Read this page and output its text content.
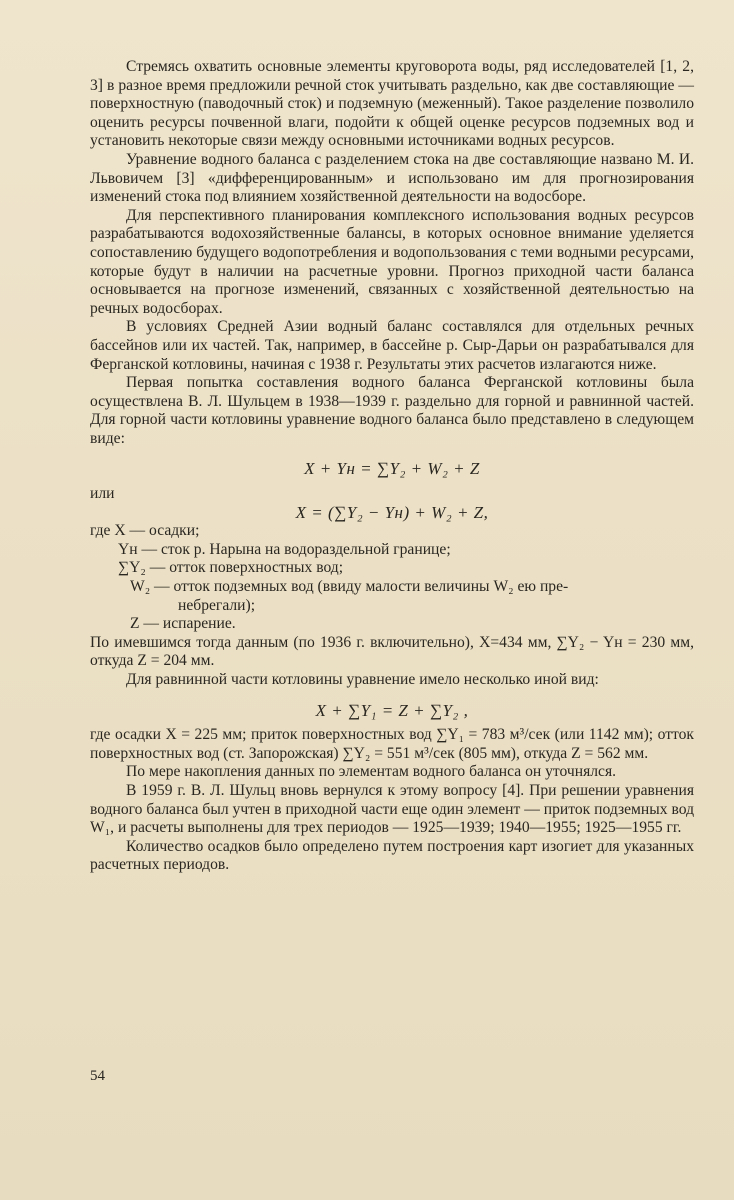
Стремясь охватить основные элементы круговорота воды, ряд исследователей [1, 2, 3] в разное время предложили речной сток учитывать раздельно, как две составляющие — поверхностную (паводочный сток) и подземную (меженный). Такое разделение позволило оценить ресурсы почвенной влаги, подойти к общей оценке ресурсов подземных вод и установить некоторые связи между основными источниками водных ресурсов.

Уравнение водного баланса с разделением стока на две составляющие названо М. И. Львовичем [3] «дифференцированным» и использовано им для прогнозирования изменений стока под влиянием хозяйственной деятельности на водосборе.

Для перспективного планирования комплексного использования водных ресурсов разрабатываются водохозяйственные балансы, в которых основное внимание уделяется сопоставлению будущего водопотребления и водопользования с теми водными ресурсами, которые будут в наличии на расчетные уровни. Прогноз приходной части баланса основывается на прогнозе изменений, связанных с хозяйственной деятельностью на речных водосборах.

В условиях Средней Азии водный баланс составлялся для отдельных речных бассейнов или их частей. Так, например, в бассейне р. Сыр-Дарьи он разрабатывался для Ферганской котловины, начиная с 1938 г. Результаты этих расчетов излагаются ниже.

Первая попытка составления водного баланса Ферганской котловины была осуществлена В. Л. Шульцем в 1938—1939 г. раздельно для горной и равнинной частей. Для горной части котловины уравнение водного баланса было представлено в следующем виде:

X + Yн = ∑Y₂ + W₂ + Z

или

X = (∑Y₂ − Yн) + W₂ + Z,

где X — осадки;

Yн — сток р. Нарына на водораздельной границе;

∑Y₂ — отток поверхностных вод;

W₂ — отток подземных вод (ввиду малости величины W₂ ею пре-

небрегали);

Z — испарение.

По имевшимся тогда данным (по 1936 г. включительно), X=434 мм, ∑Y₂ − Yн = 230 мм, откуда Z = 204 мм.

Для равнинной части котловины уравнение имело несколько иной вид:

X + ∑Y₁ = Z + ∑Y₂ ,

где осадки X = 225 мм; приток поверхностных вод ∑Y₁ = 783 м³/сек (или 1142 мм); отток поверхностных вод (ст. Запорожская) ∑Y₂ = 551 м³/сек (805 мм), откуда Z = 562 мм.

По мере накопления данных по элементам водного баланса он уточнялся.

В 1959 г. В. Л. Шульц вновь вернулся к этому вопросу [4]. При решении уравнения водного баланса был учтен в приходной части еще один элемент — приток подземных вод W₁, и расчеты выполнены для трех периодов — 1925—1939; 1940—1955; 1925—1955 гг.

Количество осадков было определено путем построения карт изогиет для указанных расчетных периодов.

54
